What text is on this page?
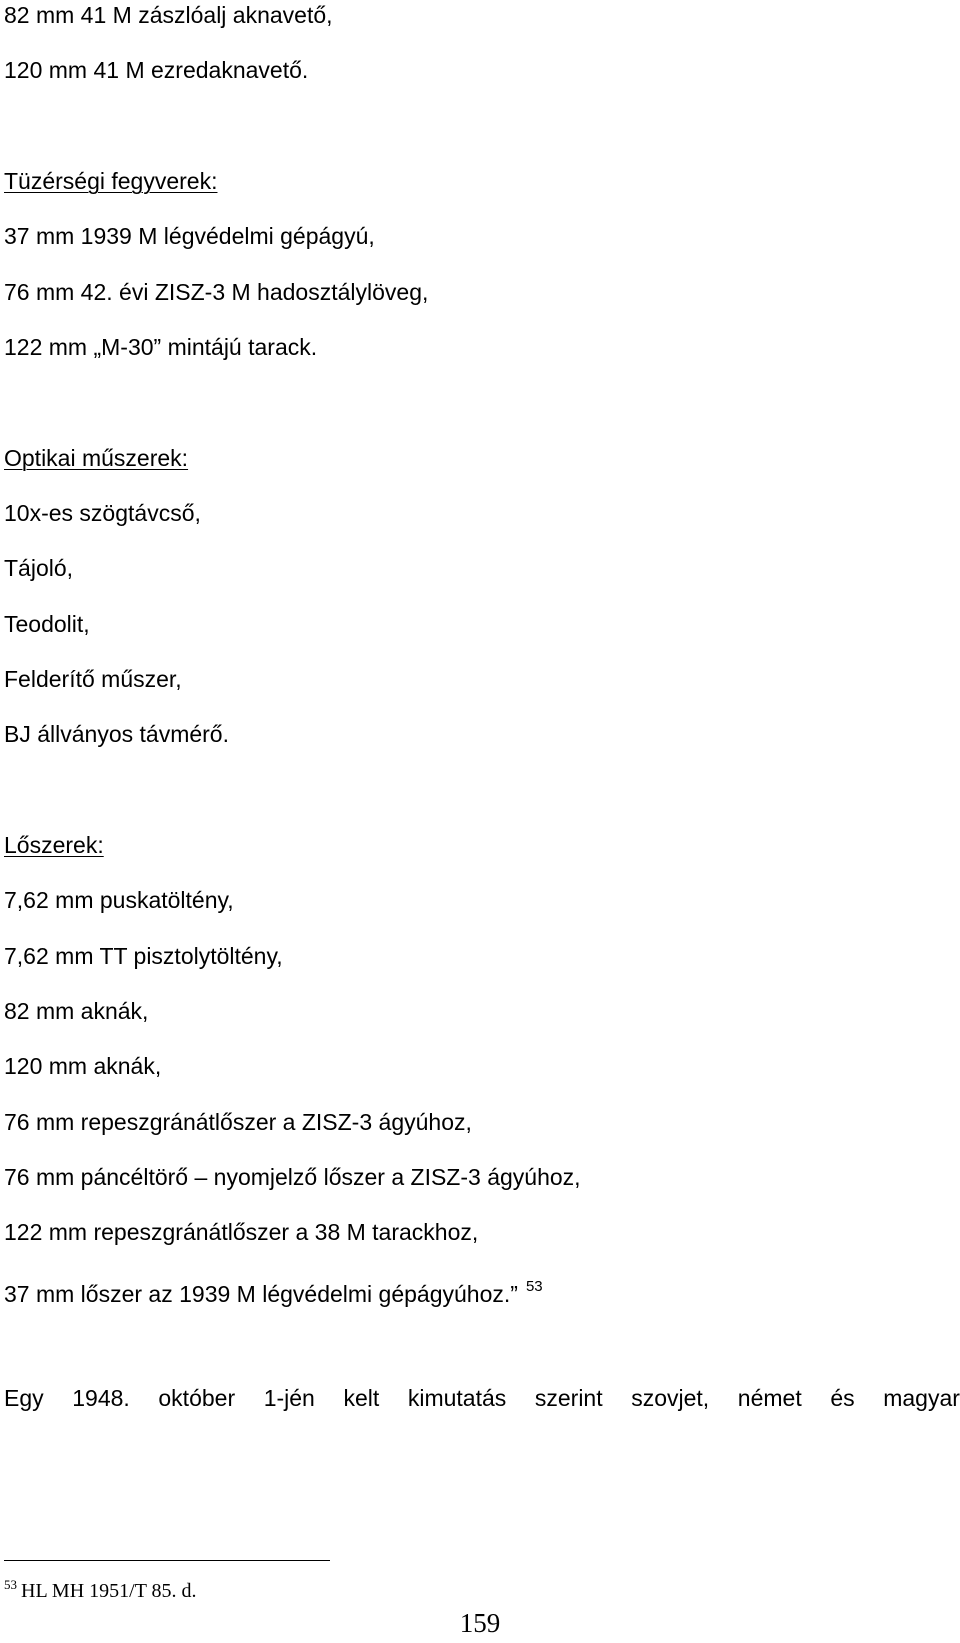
82 mm 41 M zászlóalj aknavető,
120 mm 41 M ezredaknavető.
Tüzérségi fegyverek:
37 mm 1939 M légvédelmi gépágyú,
76 mm 42. évi ZISZ-3 M hadosztálylöveg,
122 mm „M-30” mintájú tarack.
Optikai műszerek:
10x-es szögtávcső,
Tájoló,
Teodolit,
Felderítő műszer,
BJ állványos távmérő.
Lőszerek:
7,62 mm puskatöltény,
7,62 mm TT pisztolytöltény,
82 mm aknák,
120 mm aknák,
76 mm repeszgránátlőszer a ZISZ-3 ágyúhoz,
76 mm páncéltörő – nyomjelző lőszer a ZISZ-3 ágyúhoz,
122 mm repeszgránátlőszer a 38 M tarackhoz,
37 mm lőszer az 1939 M légvédelmi gépágyúhoz.” $^{53}$
Egy 1948. október 1-jén kelt kimutatás szerint szovjet, német és magyar
$^{53}$ HL MH 1951/T 85. d.
159
